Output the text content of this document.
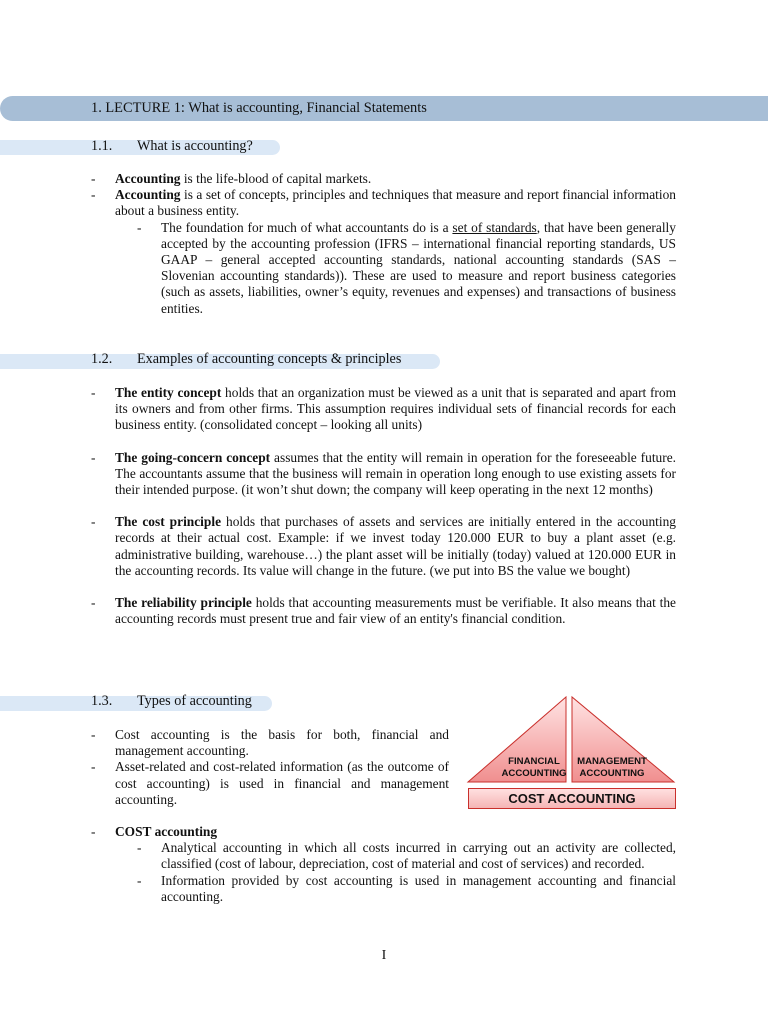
1. LECTURE 1: What is accounting, Financial Statements
1.1. What is accounting?
- Accounting is the life-blood of capital markets.
- Accounting is a set of concepts, principles and techniques that measure and report financial information about a business entity.
- The foundation for much of what accountants do is a set of standards, that have been generally accepted by the accounting profession (IFRS – international financial reporting standards, US GAAP – general accepted accounting standards, national accounting standards (SAS – Slovenian accounting standards)). These are used to measure and report business categories (such as assets, liabilities, owner’s equity, revenues and expenses) and transactions of business entities.
1.2. Examples of accounting concepts & principles
- The entity concept holds that an organization must be viewed as a unit that is separated and apart from its owners and from other firms. This assumption requires individual sets of financial records for each business entity. (consolidated concept – looking all units)
- The going-concern concept assumes that the entity will remain in operation for the foreseeable future. The accountants assume that the business will remain in operation long enough to use existing assets for their intended purpose. (it won’t shut down; the company will keep operating in the next 12 months)
- The cost principle holds that purchases of assets and services are initially entered in the accounting records at their actual cost. Example: if we invest today 120.000 EUR to buy a plant asset (e.g. administrative building, warehouse…) the plant asset will be initially (today) valued at 120.000 EUR in the accounting records. Its value will change in the future. (we put into BS the value we bought)
- The reliability principle holds that accounting measurements must be verifiable. It also means that the accounting records must present true and fair view of an entity's financial condition.
1.3. Types of accounting
- Cost accounting is the basis for both, financial and management accounting.
- Asset-related and cost-related information (as the outcome of cost accounting) is used in financial and management accounting.
- COST accounting
- Analytical accounting in which all costs incurred in carrying out an activity are collected, classified (cost of labour, depreciation, cost of material and cost of services) and recorded.
- Information provided by cost accounting is used in management accounting and financial accounting.
FINANCIAL
ACCOUNTING
MANAGEMENT
ACCOUNTING
COST ACCOUNTING
I
